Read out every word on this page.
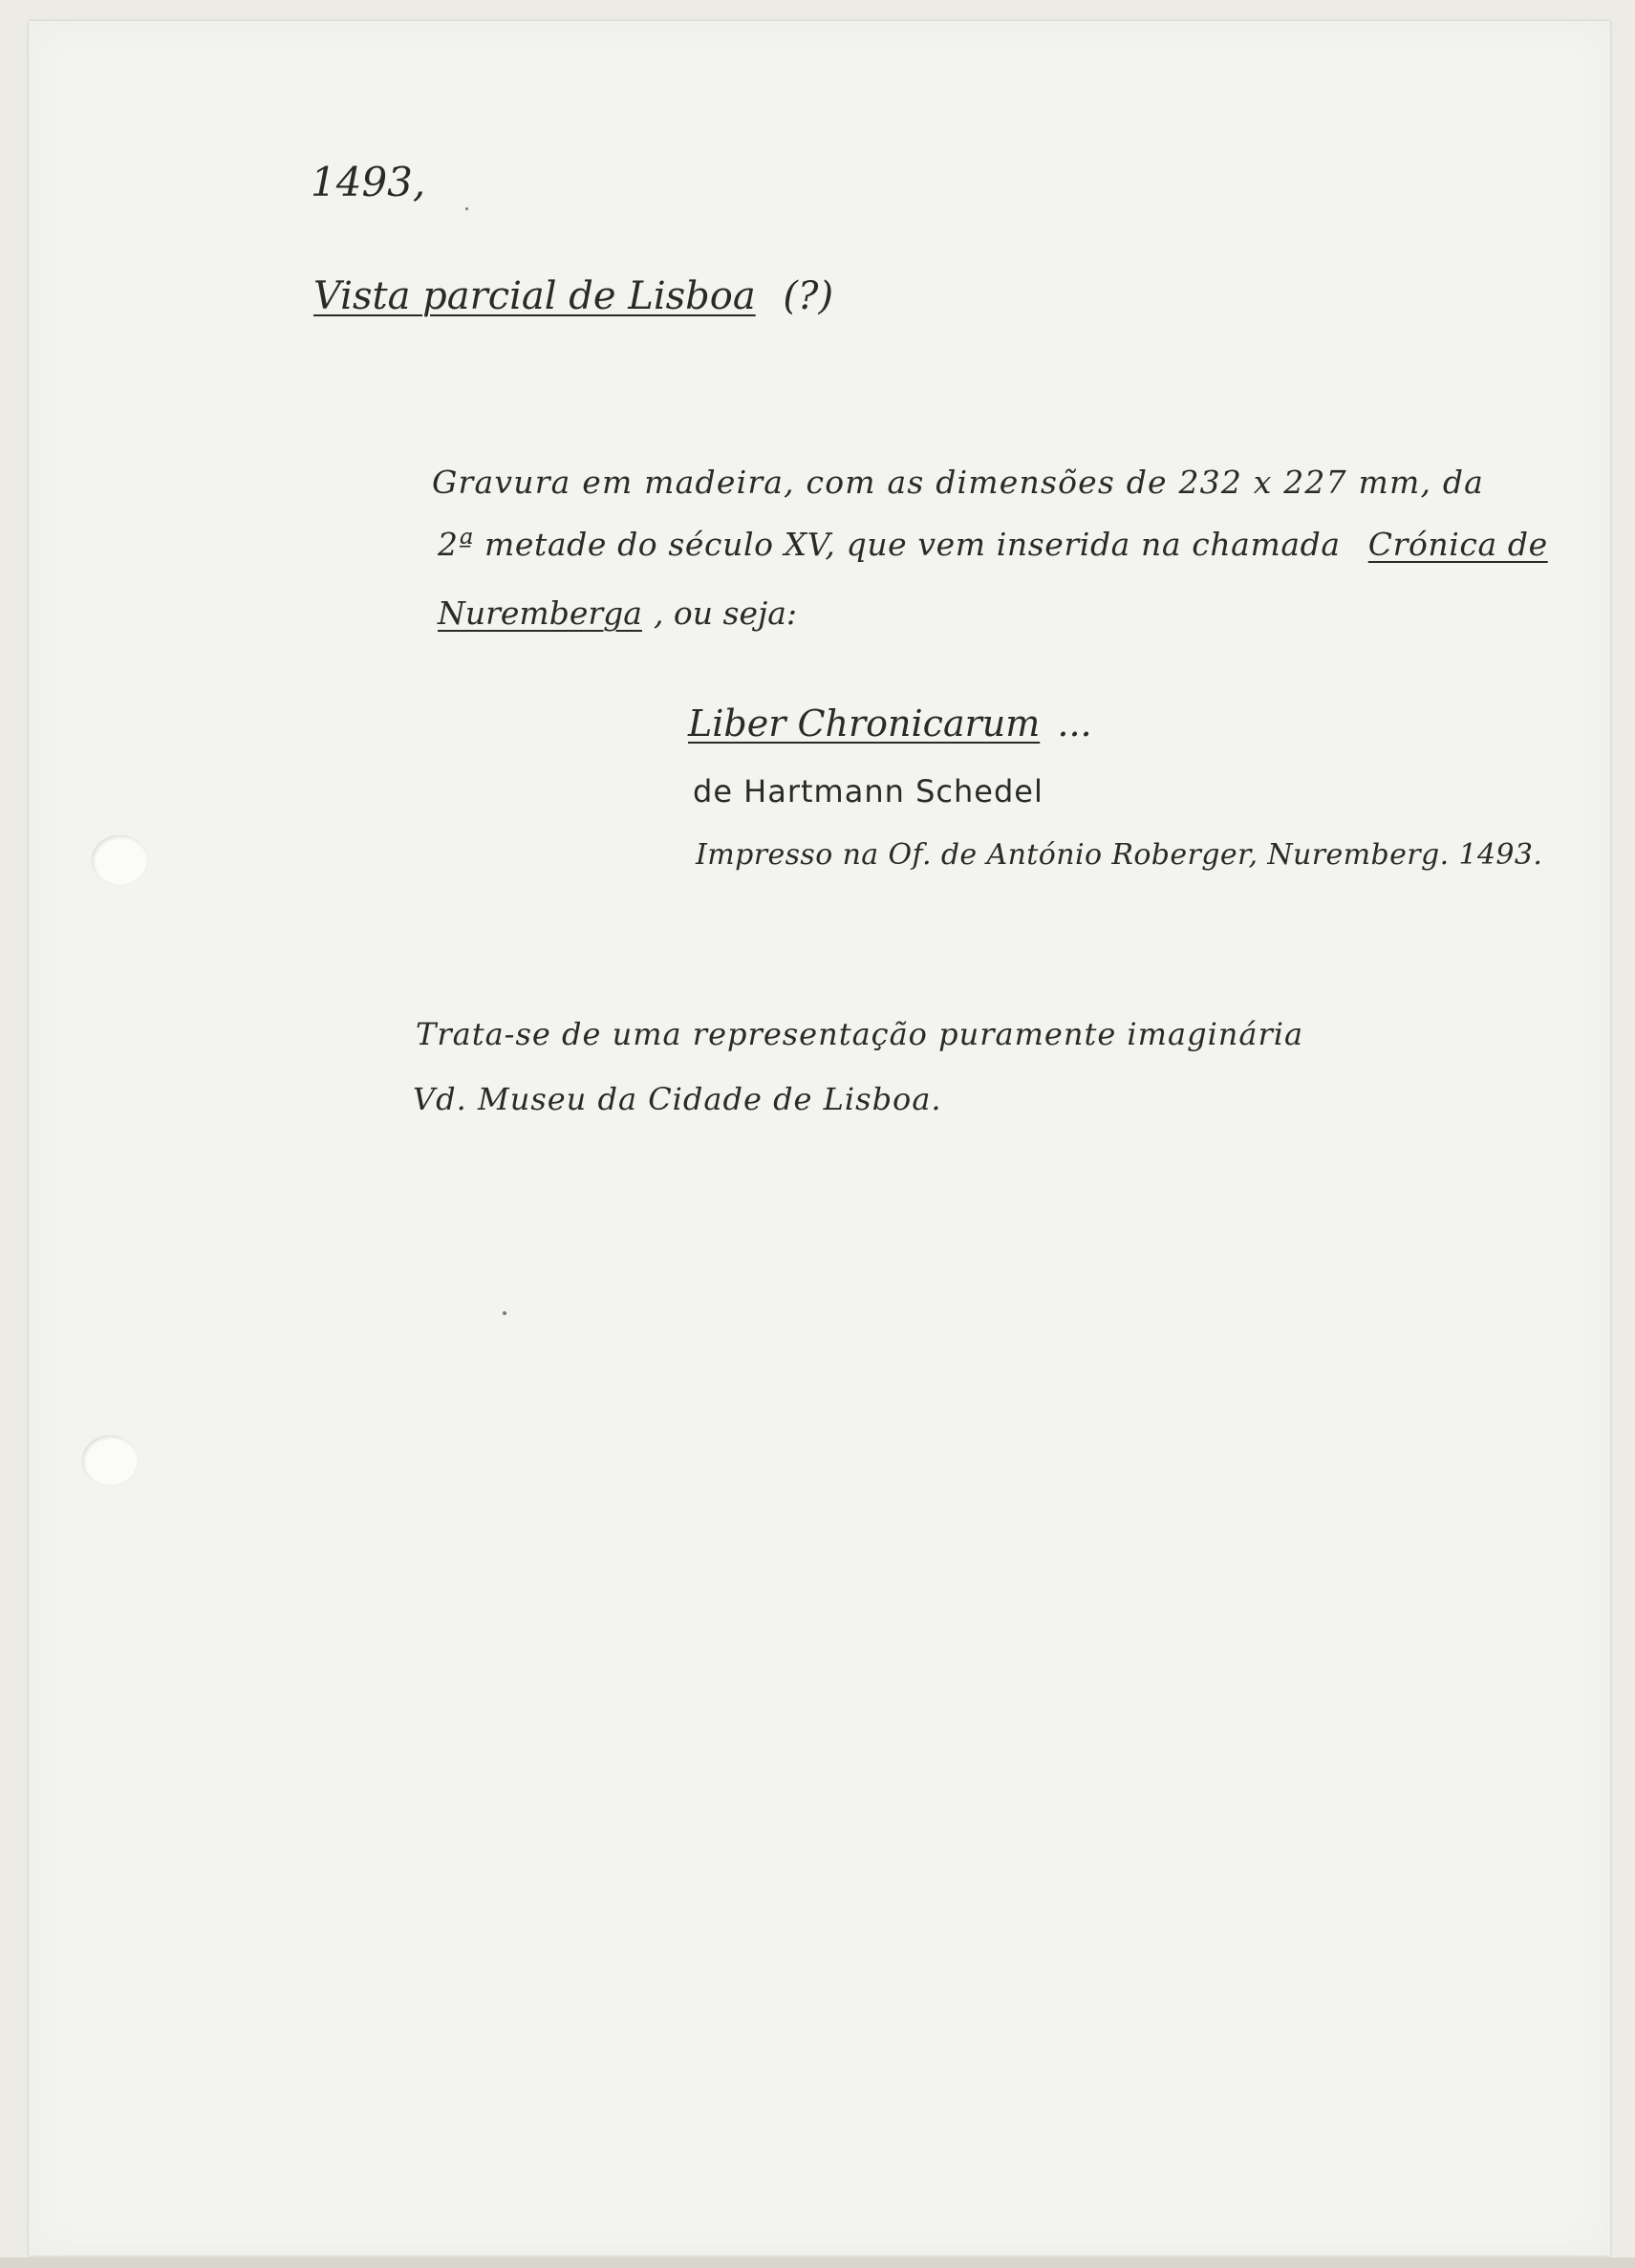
1493,

Vista parcial de Lisboa (?)

Gravura em madeira, com as dimensões de 232 x 227 mm, da

2ª metade do século XV, que vem inserida na chamada Crónica de

Nuremberga , ou seja:

Liber Chronicarum ...

de Hartmann Schedel

Impresso na Of. de António Roberger, Nuremberg. 1493.

Trata-se de uma representação puramente imaginária

Vd. Museu da Cidade de Lisboa.
